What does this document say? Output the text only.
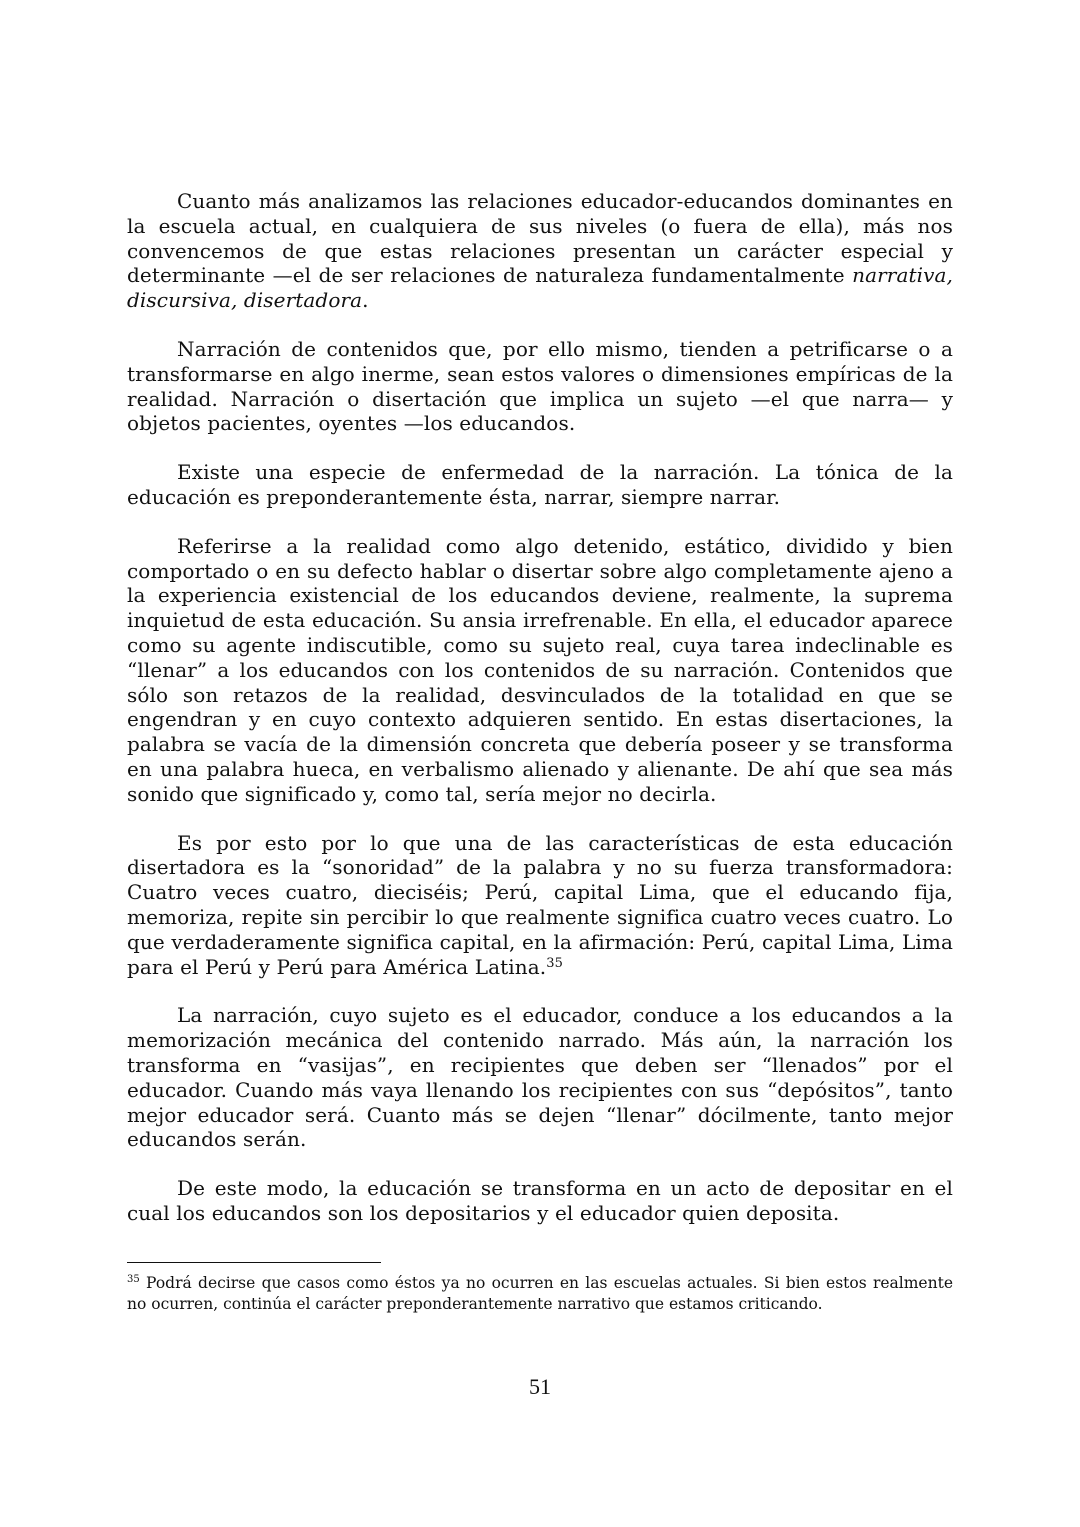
Cuanto más analizamos las relaciones educador-educandos dominantes en la escuela actual, en cualquiera de sus niveles (o fuera de ella), más nos convencemos de que estas relaciones presentan un carácter especial y determinante —el de ser relaciones de naturaleza fundamentalmente narrativa, discursiva, disertadora.

Narración de contenidos que, por ello mismo, tienden a petrificarse o a transformarse en algo inerme, sean estos valores o dimensiones empíricas de la realidad. Narración o disertación que implica un sujeto —el que narra— y objetos pacientes, oyentes —los educandos.

Existe una especie de enfermedad de la narración. La tónica de la educación es preponderantemente ésta, narrar, siempre narrar.

Referirse a la realidad como algo detenido, estático, dividido y bien comportado o en su defecto hablar o disertar sobre algo completamente ajeno a la experiencia existencial de los educandos deviene, realmente, la suprema inquietud de esta educación. Su ansia irrefrenable. En ella, el educador aparece como su agente indiscutible, como su sujeto real, cuya tarea indeclinable es “llenar” a los educandos con los contenidos de su narración. Contenidos que sólo son retazos de la realidad, desvinculados de la totalidad en que se engendran y en cuyo contexto adquieren sentido. En estas disertaciones, la palabra se vacía de la dimensión concreta que debería poseer y se transforma en una palabra hueca, en verbalismo alienado y alienante. De ahí que sea más sonido que significado y, como tal, sería mejor no decirla.

Es por esto por lo que una de las características de esta educación disertadora es la “sonoridad” de la palabra y no su fuerza transformadora: Cuatro veces cuatro, dieciséis; Perú, capital Lima, que el educando fija, memoriza, repite sin percibir lo que realmente significa cuatro veces cuatro. Lo que verdaderamente significa capital, en la afirmación: Perú, capital Lima, Lima para el Perú y Perú para América Latina.$^{35}$

La narración, cuyo sujeto es el educador, conduce a los educandos a la memorización mecánica del contenido narrado. Más aún, la narración los transforma en “vasijas”, en recipientes que deben ser “llenados” por el educador. Cuando más vaya llenando los recipientes con sus “depósitos”, tanto mejor educador será. Cuanto más se dejen “llenar” dócilmente, tanto mejor educandos serán.

De este modo, la educación se transforma en un acto de depositar en el cual los educandos son los depositarios y el educador quien deposita.

$^{35}$ Podrá decirse que casos como éstos ya no ocurren en las escuelas actuales. Si bien estos realmente no ocurren, continúa el carácter preponderantemente narrativo que estamos criticando.

51
